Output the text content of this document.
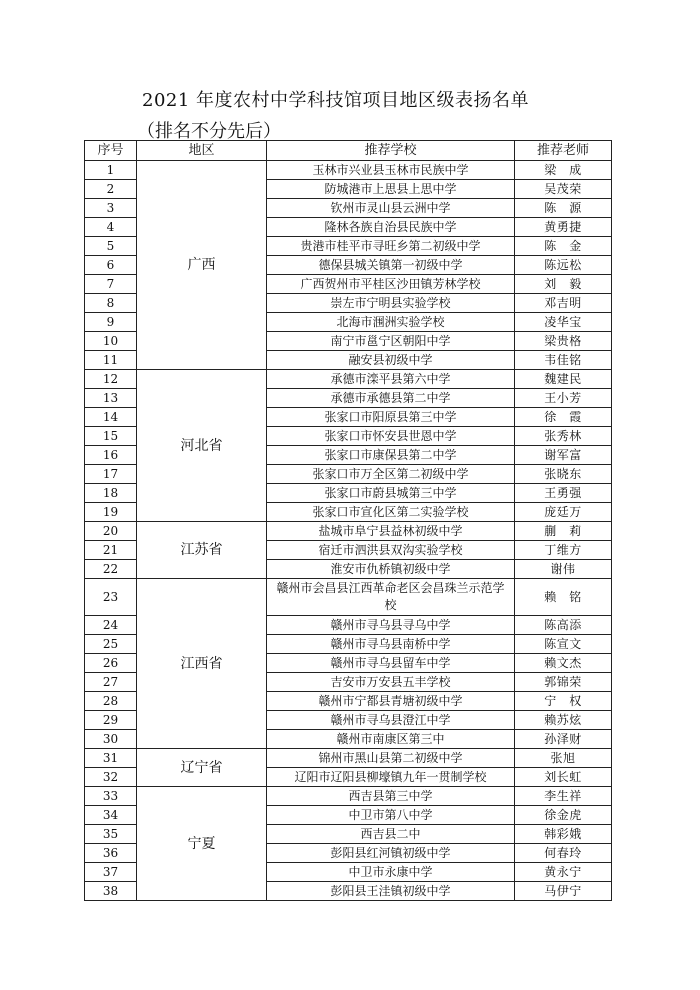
2021 年度农村中学科技馆项目地区级表扬名单
（排名不分先后）
序号	地区	推荐学校	推荐老师
1	广西	玉林市兴业县玉林市民族中学	梁　成
2		防城港市上思县上思中学	吴茂荣
3		钦州市灵山县云洲中学	陈　源
4		隆林各族自治县民族中学	黄勇捷
5		贵港市桂平市寻旺乡第二初级中学	陈　金
6		德保县城关镇第一初级中学	陈远松
7		广西贺州市平桂区沙田镇芳林学校	刘　毅
8		崇左市宁明县实验学校	邓吉明
9		北海市涠洲实验学校	凌华宝
10		南宁市邕宁区朝阳中学	梁贵格
11		融安县初级中学	韦佳铭
12	河北省	承德市滦平县第六中学	魏建民
13		承德市承德县第二中学	王小芳
14		张家口市阳原县第三中学	徐　霞
15		张家口市怀安县世恩中学	张秀林
16		张家口市康保县第二中学	谢军富
17		张家口市万全区第二初级中学	张晓东
18		张家口市蔚县城第三中学	王勇强
19		张家口市宣化区第二实验学校	庞廷万
20	江苏省	盐城市阜宁县益林初级中学	蒯　莉
21		宿迁市泗洪县双沟实验学校	丁维方
22		淮安市仇桥镇初级中学	谢伟
23	江西省	赣州市会昌县江西革命老区会昌珠兰示范学校	赖　铭
24		赣州市寻乌县寻乌中学	陈高添
25		赣州市寻乌县南桥中学	陈宣文
26		赣州市寻乌县留车中学	赖文杰
27		吉安市万安县五丰学校	郭锦荣
28		赣州市宁都县青塘初级中学	宁　权
29		赣州市寻乌县澄江中学	赖苏炫
30		赣州市南康区第三中	孙泽财
31	辽宁省	锦州市黑山县第二初级中学	张旭
32		辽阳市辽阳县柳壕镇九年一贯制学校	刘长虹
33	宁夏	西吉县第三中学	李生祥
34		中卫市第八中学	徐金虎
35		西吉县二中	韩彩娥
36		彭阳县红河镇初级中学	何春玲
37		中卫市永康中学	黄永宁
38		彭阳县王洼镇初级中学	马伊宁
